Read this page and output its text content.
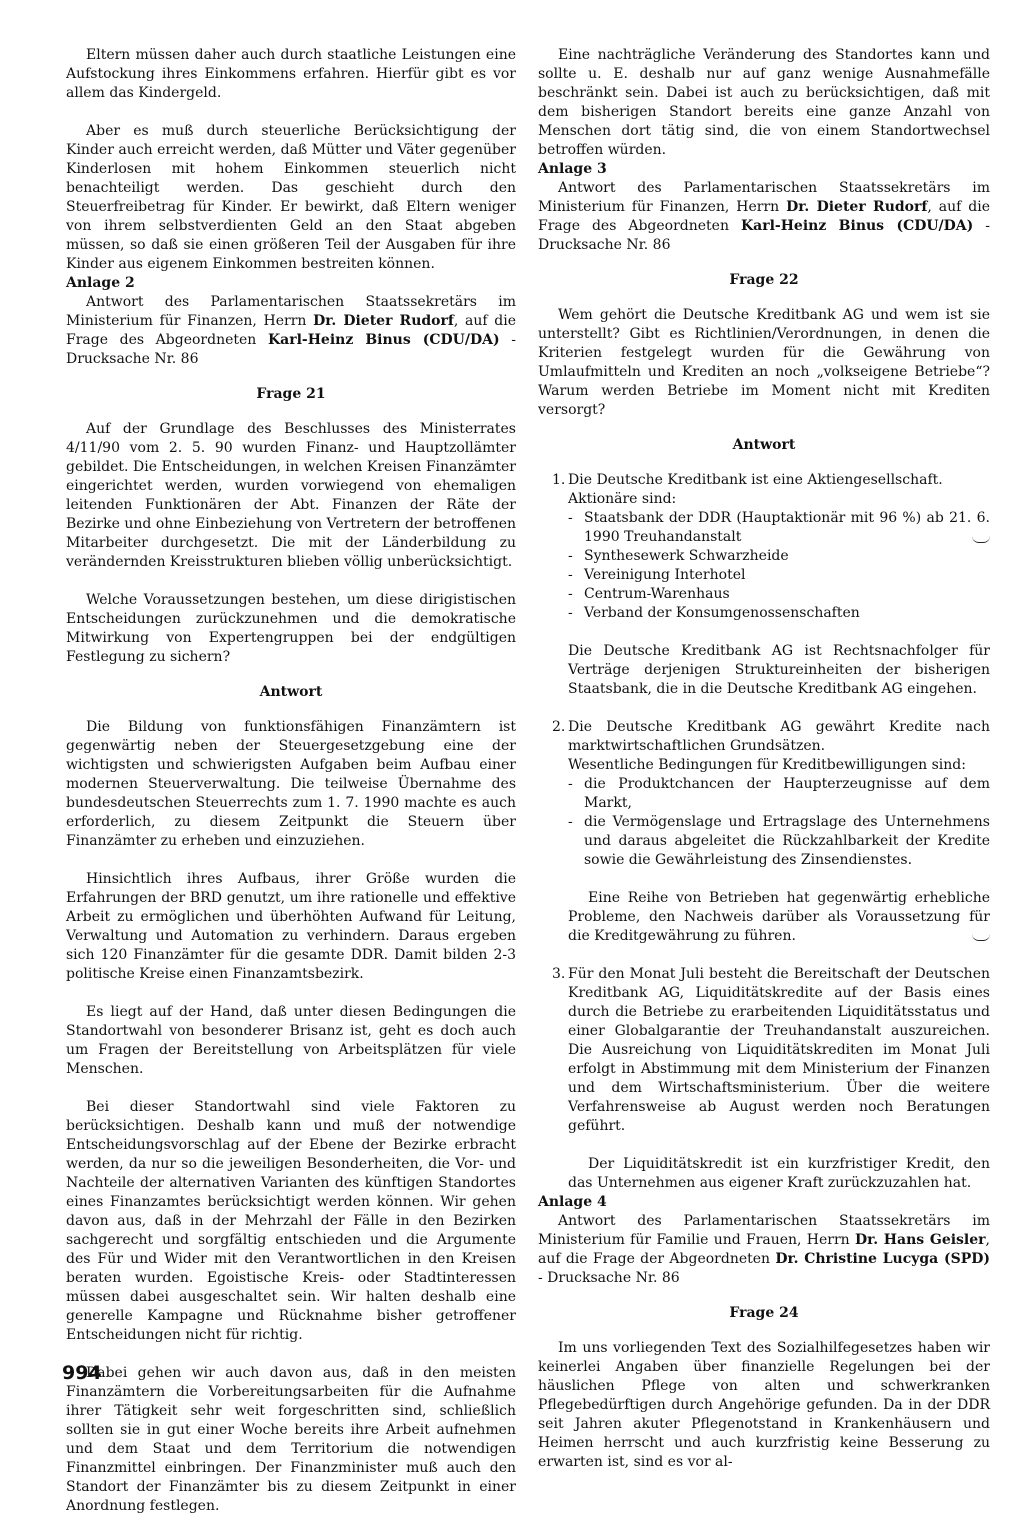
Eltern müssen daher auch durch staatliche Leistungen eine Aufstockung ihres Einkommens erfahren. Hierfür gibt es vor allem das Kindergeld.

Aber es muß durch steuerliche Berücksichtigung der Kinder auch erreicht werden, daß Mütter und Väter gegenüber Kinderlosen mit hohem Einkommen steuerlich nicht benachteiligt werden. Das geschieht durch den Steuerfreibetrag für Kinder. Er bewirkt, daß Eltern weniger von ihrem selbstverdienten Geld an den Staat abgeben müssen, so daß sie einen größeren Teil der Ausgaben für ihre Kinder aus eigenem Einkommen bestreiten können.

Anlage 2

Antwort des Parlamentarischen Staatssekretärs im Ministerium für Finanzen, Herrn Dr. Dieter Rudorf, auf die Frage des Abgeordneten Karl-Heinz Binus (CDU/DA) - Drucksache Nr. 86

Frage 21

Auf der Grundlage des Beschlusses des Ministerrates 4/11/90 vom 2. 5. 90 wurden Finanz- und Hauptzollämter gebildet. Die Entscheidungen, in welchen Kreisen Finanzämter eingerichtet werden, wurden vorwiegend von ehemaligen leitenden Funktionären der Abt. Finanzen der Räte der Bezirke und ohne Einbeziehung von Vertretern der betroffenen Mitarbeiter durchgesetzt. Die mit der Länderbildung zu verändernden Kreisstrukturen blieben völlig unberücksichtigt.

Welche Voraussetzungen bestehen, um diese dirigistischen Entscheidungen zurückzunehmen und die demokratische Mitwirkung von Expertengruppen bei der endgültigen Festlegung zu sichern?

Antwort

Die Bildung von funktionsfähigen Finanzämtern ist gegenwärtig neben der Steuergesetzgebung eine der wichtigsten und schwierigsten Aufgaben beim Aufbau einer modernen Steuerverwaltung. Die teilweise Übernahme des bundesdeutschen Steuerrechts zum 1. 7. 1990 machte es auch erforderlich, zu diesem Zeitpunkt die Steuern über Finanzämter zu erheben und einzuziehen.

Hinsichtlich ihres Aufbaus, ihrer Größe wurden die Erfahrungen der BRD genutzt, um ihre rationelle und effektive Arbeit zu ermöglichen und überhöhten Aufwand für Leitung, Verwaltung und Automation zu verhindern. Daraus ergeben sich 120 Finanzämter für die gesamte DDR. Damit bilden 2-3 politische Kreise einen Finanzamtsbezirk.

Es liegt auf der Hand, daß unter diesen Bedingungen die Standortwahl von besonderer Brisanz ist, geht es doch auch um Fragen der Bereitstellung von Arbeitsplätzen für viele Menschen.

Bei dieser Standortwahl sind viele Faktoren zu berücksichtigen. Deshalb kann und muß der notwendige Entscheidungsvorschlag auf der Ebene der Bezirke erbracht werden, da nur so die jeweiligen Besonderheiten, die Vor- und Nachteile der alternativen Varianten des künftigen Standortes eines Finanzamtes berücksichtigt werden können. Wir gehen davon aus, daß in der Mehrzahl der Fälle in den Bezirken sachgerecht und sorgfältig entschieden und die Argumente des Für und Wider mit den Verantwortlichen in den Kreisen beraten wurden. Egoistische Kreis- oder Stadtinteressen müssen dabei ausgeschaltet sein. Wir halten deshalb eine generelle Kampagne und Rücknahme bisher getroffener Entscheidungen nicht für richtig.

Dabei gehen wir auch davon aus, daß in den meisten Finanzämtern die Vorbereitungsarbeiten für die Aufnahme ihrer Tätigkeit sehr weit forgeschritten sind, schließlich sollten sie in gut einer Woche bereits ihre Arbeit aufnehmen und dem Staat und dem Territorium die notwendigen Finanzmittel einbringen. Der Finanzminister muß auch den Standort der Finanzämter bis zu diesem Zeitpunkt in einer Anordnung festlegen.

Eine nachträgliche Veränderung des Standortes kann und sollte u. E. deshalb nur auf ganz wenige Ausnahmefälle beschränkt sein. Dabei ist auch zu berücksichtigen, daß mit dem bisherigen Standort bereits eine ganze Anzahl von Menschen dort tätig sind, die von einem Standortwechsel betroffen würden.

Anlage 3

Antwort des Parlamentarischen Staatssekretärs im Ministerium für Finanzen, Herrn Dr. Dieter Rudorf, auf die Frage des Abgeordneten Karl-Heinz Binus (CDU/DA) - Drucksache Nr. 86

Frage 22

Wem gehört die Deutsche Kreditbank AG und wem ist sie unterstellt? Gibt es Richtlinien/Verordnungen, in denen die Kriterien festgelegt wurden für die Gewährung von Umlaufmitteln und Krediten an noch „volkseigene Betriebe“? Warum werden Betriebe im Moment nicht mit Krediten versorgt?

Antwort

1. Die Deutsche Kreditbank ist eine Aktiengesellschaft.

Aktionäre sind:

- Staatsbank der DDR (Hauptaktionär mit 96 %) ab 21. 6. 1990 Treuhandanstalt
- Synthesewerk Schwarzheide
- Vereinigung Interhotel
- Centrum-Warenhaus
- Verband der Konsumgenossenschaften

Die Deutsche Kreditbank AG ist Rechtsnachfolger für Verträge derjenigen Struktureinheiten der bisherigen Staatsbank, die in die Deutsche Kreditbank AG eingehen.

2. Die Deutsche Kreditbank AG gewährt Kredite nach marktwirtschaftlichen Grundsätzen.

Wesentliche Bedingungen für Kreditbewilligungen sind:

- die Produktchancen der Haupterzeugnisse auf dem Markt,
- die Vermögenslage und Ertragslage des Unternehmens und daraus abgeleitet die Rückzahlbarkeit der Kredite sowie die Gewährleistung des Zinsendienstes.

Eine Reihe von Betrieben hat gegenwärtig erhebliche Probleme, den Nachweis darüber als Voraussetzung für die Kreditgewährung zu führen.

3. Für den Monat Juli besteht die Bereitschaft der Deutschen Kreditbank AG, Liquiditätskredite auf der Basis eines durch die Betriebe zu erarbeitenden Liquiditätsstatus und einer Globalgarantie der Treuhandanstalt auszureichen. Die Ausreichung von Liquiditätskrediten im Monat Juli erfolgt in Abstimmung mit dem Ministerium der Finanzen und dem Wirtschaftsministerium. Über die weitere Verfahrensweise ab August werden noch Beratungen geführt.

Der Liquiditätskredit ist ein kurzfristiger Kredit, den das Unternehmen aus eigener Kraft zurückzuzahlen hat.

Anlage 4

Antwort des Parlamentarischen Staatssekretärs im Ministerium für Familie und Frauen, Herrn Dr. Hans Geisler, auf die Frage der Abgeordneten Dr. Christine Lucyga (SPD) - Drucksache Nr. 86

Frage 24

Im uns vorliegenden Text des Sozialhilfegesetzes haben wir keinerlei Angaben über finanzielle Regelungen bei der häuslichen Pflege von alten und schwerkranken Pflegebedürftigen durch Angehörige gefunden. Da in der DDR seit Jahren akuter Pflegenotstand in Krankenhäusern und Heimen herrscht und auch kurzfristig keine Besserung zu erwarten ist, sind es vor al-

994
